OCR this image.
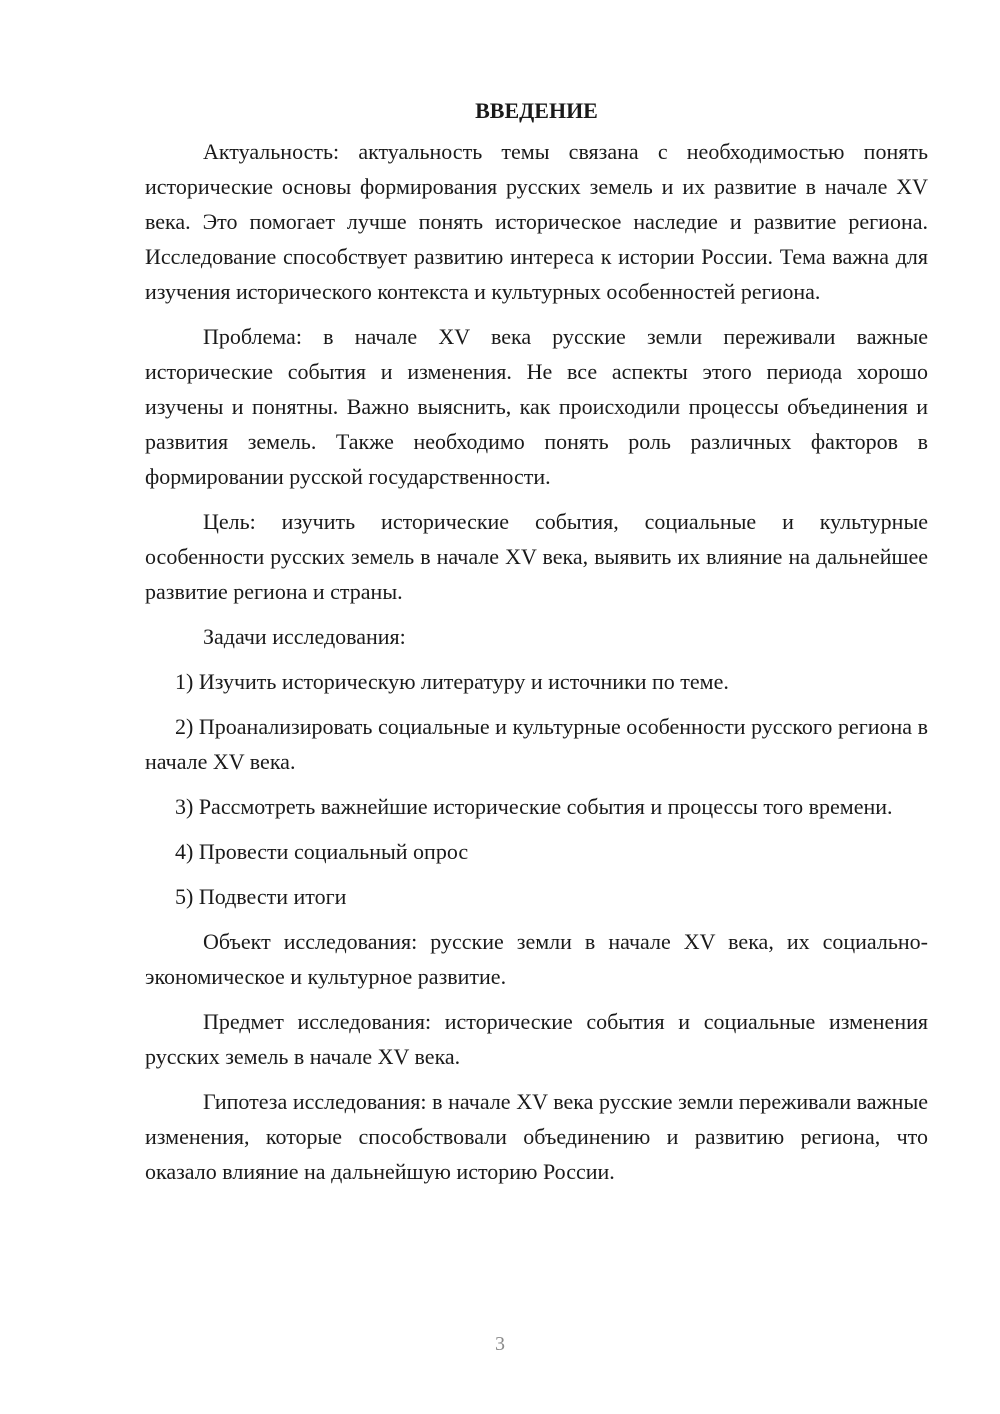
ВВЕДЕНИЕ

Актуальность: актуальность темы связана с необходимостью понять исторические основы формирования русских земель и их развитие в начале XV века. Это помогает лучше понять историческое наследие и развитие региона. Исследование способствует развитию интереса к истории России. Тема важна для изучения исторического контекста и культурных особенностей региона.

Проблема: в начале XV века русские земли переживали важные исторические события и изменения. Не все аспекты этого периода хорошо изучены и понятны. Важно выяснить, как происходили процессы объединения и развития земель. Также необходимо понять роль различных факторов в формировании русской государственности.

Цель: изучить исторические события, социальные и культурные особенности русских земель в начале XV века, выявить их влияние на дальнейшее развитие региона и страны.

Задачи исследования:

1) Изучить историческую литературу и источники по теме.

2) Проанализировать социальные и культурные особенности русского региона в начале XV века.

3) Рассмотреть важнейшие исторические события и процессы того времени.

4) Провести социальный опрос

5) Подвести итоги

Объект исследования: русские земли в начале XV века, их социально-экономическое и культурное развитие.

Предмет исследования: исторические события и социальные изменения русских земель в начале XV века.

Гипотеза исследования: в начале XV века русские земли переживали важные изменения, которые способствовали объединению и развитию региона, что оказало влияние на дальнейшую историю России.

3
